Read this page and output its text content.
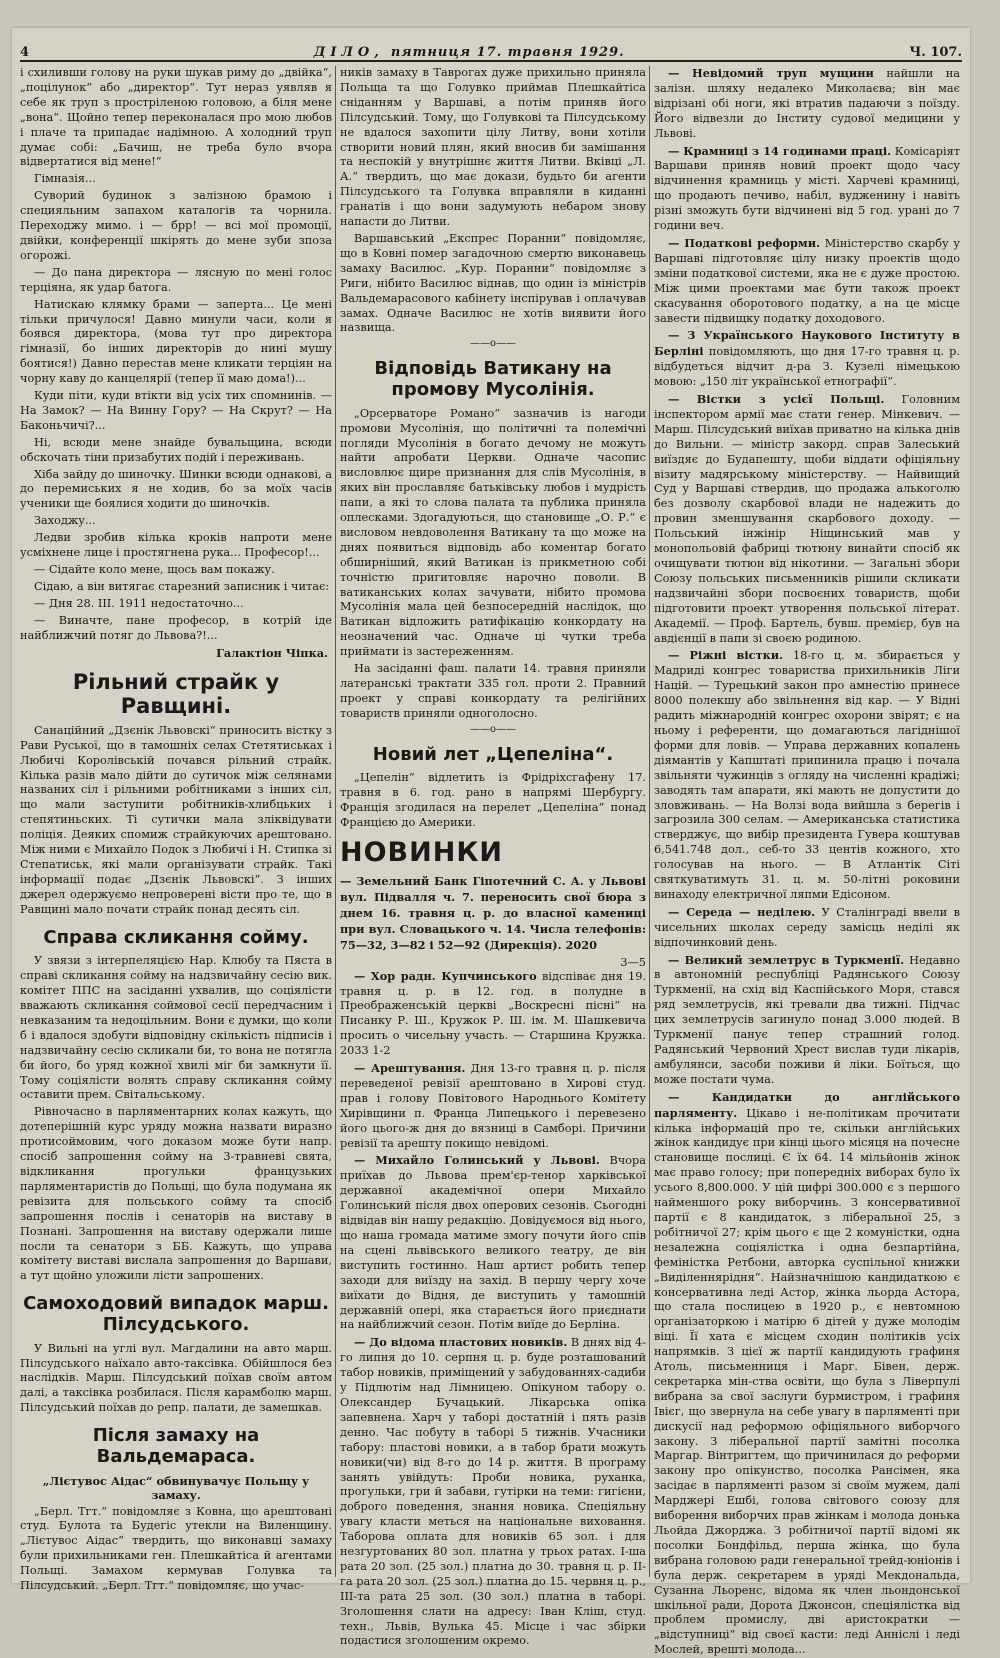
4	ДІЛО,  пятниця 17. травня 1929.	Ч. 107.

і схиливши голову на руки шукав риму до „двійка“, „поцілунок“ або „директор“. Тут нераз уявляв я себе як труп з простріленою головою, а біля мене „вона“. Щойно тепер переконалася про мою любов і плаче та припадає надімною. А холодний труп думає собі: „Бачиш, не треба було вчора відвертатися від мене!“

Гімназія...

Суворий будинок з залізною брамою і специяльним запахом каталогів та чорнила. Переходжу мимо. і — брр! — всі мої промоції, двійки, конференції шкірять до мене зуби зпоза огорожі.

— До пана директора — лясную по мені голос терціяна, як удар батога.

Натискаю клямку брами — заперта... Це мені тільки причулося! Давно минули часи, коли я боявся директора, (мова тут про директора гімназії, бо інших директорів до нині мушу боятися!) Давно перестав мене кликати терціян на чорну каву до канцелярії (тепер її маю дома!)...

Куди піти, куди втікти від усіх тих спомнинів. — На Замок? — На Винну Гору? — На Скрут? — На Баконьчичі?...

Ні, всюди мене знайде бувальщина, всюди обскочать тіни призабутих подій і переживань.

Хіба зайду до шиночку. Шинки всюди однакові, а до перемиських я не ходив, бо за моїх часів ученики ще боялися ходити до шиночків.

Заходжу...

Ледви зробив кілька кроків напроти мене усміхнене лице і простягнена рука... Професор!...

— Сідайте коло мене, щось вам покажу.

Сідаю, а він витягає старезний записник і читає:

— Дня 28. ІІІ. 1911 недостаточно...

— Виначте, пане професор, в котрій іде найближчий потяг до Львова?!...

Галактіон Чіпка.
Рільний страйк у Равщині.

Санаційний „Дзєнік Львовскі“ приносить вістку з Рави Руської, що в тамошніх селах Стетятиськах і Любичі Королівській почався рільний страйк. Кілька разів мало дійти до сутичок між селянами названих сіл і рільними робітниками з інших сіл, що мали заступити робітників-хлибцьких і степятиньских. Ті сутички мала зліквідувати поліція. Деяких спомиж страйкуючих арештовано. Між ними є Михайло Подок з Любичі і Н. Стипка зі Степатиськ, які мали організувати страйк. Такі інформації подає „Дзєнік Львовскі“. З інших джерел одержуємо непроверені вісти про те, що в Равщині мало почати страйк понад десять сіл.

Справа скликання сойму.

У звязи з інтерпеляцією Нар. Клюбу та Пяста в справі скликання сойму на надзвичайну сесію вик. комітет ППС на засіданні ухвалив, що соціялісти вважають скликання соймової сесії передчасним і невказаним та недоцільним. Вони є думки, що коли б і вдалося здобути відповідну скількість підписів і надзвичайну сесію скликали би, то вона не потягла би його, бо уряд кожної хвилі міг би замкнути її. Тому соціялісти волять справу скликання сойму оставити прем. Світальському.

Рівночасно в парляментарних колах кажуть, що дотеперішній курс уряду можна назвати виразно протисоймовим, чого доказом може бути напр. спосіб запрошення сойму на 3-травневі свята, відкликання прогульки французьких парляментаристів до Польщі, що була подумана як ревізита для польського сойму та спосіб запрошення послів і сенаторів на виставу в Познані. Запрошення на виставу одержали лише посли та сенатори з ББ. Кажуть, що управа комітету виставі вислала запрошення до Варшави, а тут щойно уложили лісти запрошених.

Самоходовий випадок марш. Пілсудського.

У Вильні на углі вул. Магдалини на авто марш. Пілсудського наїхало авто-таксівка. Обійшлося без наслідків. Марш. Пілсудський поїхав своїм автом далі, а таксівка розбилася. Після карамболю марш. Пілсудський поїхав до репр. палати, де замешкав.

Після замаху на Вальдемараса.
„Лієтувос Аідас“ обвинувачує Польщу у замаху.

„Берл. Тгт.“ повідомляє з Ковна, що арештовані студ. Булота та Будегіс утекли на Виленщину. „Лієтувос Аідас“ твердить, що виконавці замаху були прихильниками ген. Плешкайтіса й агентами Польщі. Замахом кермував Голувка та Пілсудський. „Берл. Тгт.“ повідомляє, що учас-

ників замаху в Таврогах дуже прихильно приняла Польща та що Голувко приймав Плешкайтіса сніданням у Варшаві, а потім приняв його Пілсудський. Тому, що Голувкові та Пілсудському не вдалося захопити цілу Литву, вони хотіли створити новий плян, який вносив би замішання та неспокій у внутрішнє життя Литви. Вківці „Л. А.“ твердить, що має докази, будьто би агенти Пілсудського та Голувка вправляли в киданні гранатів і що вони задумують небаром знову напасти до Литви.

Варшавський „Експрес Поранни“ повідомляє, що в Ковні помер загадочною смертю виконавець замаху Василюс. „Кур. Поранни“ повідомляє з Риги, нібито Василюс віднав, що один із міністрів Вальдемарасового кабінету інспірував і оплачував замах. Одначе Василюс не хотів виявити його назвища.

——o——
Відповідь Ватикану на промову Мусолінія.

„Орсерваторе Романо“ зазначив із нагоди промови Мусолінія, що політичні та полемічні погляди Мусолінія в богато дечому не можуть найти апробати Церкви. Одначе часопис висловлює щире признання для слів Мусолінія, в яких він прославляє батьківську любов і мудрість папи, а які то слова палата та публика приняла оплесками. Здогадуються, що становище „О. Р.“ є висловом невдоволення Ватикану та що може на днях появиться відповідь або коментар богато обширніший, який Ватикан із прикметною собі точністю пригитовляє нарочно поволи. В ватиканських колах зачувати, нібито промова Мусолінія мала цей безпосередній наслідок, що Ватикан відложить ратифікацію конкордату на неозначений час. Одначе ці чутки треба приймати із застереженням.

На засіданні фаш. палати 14. травня приняли латеранські трактати 335 гол. проти 2. Правний проект у справі конкордату та релігійних товариств приняли одноголосно.

——o——
Новий лет „Цепеліна“.

„Цепелін“ відлетить із Фрідріхсгафену 17. травня в 6. год. рано в напрямі Шербургу. Франція згодилася на перелет „Цепеліна“ понад Францією до Америки.

НОВИНКИ

— Земельний Банк Гіпотечний С. А. у Львові вул. Підвалля ч. 7. переносить свої бюра з днем 16. травня ц. р. до власної камениці при вул. Словацького ч. 14. Числа телефонів: 75—32, 3—82 і 52—92 (Дирекція). 2020

3—5

— Хор радн. Купчинського відспіває дня 19. травня ц. р. в 12. год. в полудне в Преображенській церкві „Воскресні пісні“ на Писанку Р. Ш., Кружок Р. Ш. ім. М. Шашкевича просить о чисельну участь. — Старшина Кружка. 2033 1-2

— Арештування. Дня 13-го травня ц. р. після переведеної ревізії арештовано в Хирові студ. прав і голову Повітового Народнього Комітету Хирівщини п. Франца Липецького і перевезено його цього-ж дня до вязниці в Самборі. Причини ревізії та арешту покищо невідомі.

— Михайло Голинський у Львові. Вчора приїхав до Львова прем'єр-тенор харківської державної академічної опери Михайло Голинський після двох оперових сезонів. Сьогодні відвідав він нашу редакцію. Довідуємося від нього, що наша громада матиме змогу почути його спів на сцені львівського великого театру, де він виступить гостинно. Наш артист робить тепер заходи для виїзду на захід. В першу чергу хоче виїхати до Відня, де виступить у тамошній державній опері, яка старається його приєднати на найближчий сезон. Потім виїде до Берліна.

— До відома пластових новиків. В днях від 4-го липня до 10. серпня ц. р. буде розташований табор новиків, приміщений у забудованнях-садиби у Підлютім над Лімницею. Опікуном табору о. Олександер Бучацький. Лікарська опіка запевнена. Харч у таборі достатній і пять разів денно. Час побуту в таборі 5 тижнів. Учасники табору: пластові новики, а в табор брати можуть новики(чи) від 8-го до 14 р. життя. В програму занять увійдуть: Проби новика, руханка, прогульки, гри й забави, гутірки на теми: гигієни, доброго поведення, знання новика. Спеціяльну увагу класти меться на національне виховання. Таборова оплата для новиків 65 зол. і для незгуртованих 80 зол. платна у трьох ратах. І-ша рата 20 зол. (25 зол.) платна до 30. травня ц. р. ІІ-га рата 20 зол. (25 зол.) платна до 15. червня ц. р., ІІІ-та рата 25 зол. (30 зол.) платна в таборі. Зголошення слати на адресу: Іван Кліш, студ. техн., Львів, Вулька 45. Місце і час збірки подастися зголошеним окремо.

— Невідомий труп мущини найшли на залізн. шляху недалеко Миколаєва; він має відрізані обі ноги, які втратив падаючи з поїзду. Його відвезли до Інститу судової медицини у Львові.

— Крамниці з 14 годинами праці. Комісаріят Варшави приняв новий проект щодо часу відчинення крамниць у місті. Харчеві крамниці, що продають печиво, набіл, вудженину і навіть різні зможуть бути відчинені від 5 год. урані до 7 години веч.

— Податкові реформи. Міністерство скарбу у Варшаві підготовляє цілу низку проектів щодо зміни податкової системи, яка не є дуже простою. Між цими проектами має бути також проект скасування оборотового податку, а на це місце завести підвищку податку доходового.

— З Українського Наукового Інституту в Берліні повідомляють, що дня 17-го травня ц. р. відбудеться відчит д-ра З. Кузелі німецькою мовою: „150 літ української етнографії“.

— Вістки з усієї Польщі. Головним інспектором армії має стати генер. Мінкевич. — Марш. Пілсудський виїхав приватно на кілька днів до Вильни. — міністр закорд. справ Залеський виїздяє до Будапешту, щоби віддати офіціяльну візиту мадярському міністерству. — Найвищий Суд у Варшаві ствердив, що продажа алькоголю без дозволу скарбової влади не надежить до провин зменшування скарбового доходу. — Польський інжінір Ніщинський мав у монопольовій фабриці тютюну винайти спосіб як очищувати тютюн від нікотини. — Загальні збори Союзу польських письменників рішили скликати надзвичайні збори посвоєних товариств, щоби підготовити проект утворення польської літерат. Академії. — Проф. Бартель, бувш. премієр, був на авдієнції в папи зі своєю родиною.

— Ріжні вістки. 18-го ц. м. збирається у Мадриді конгрес товариства прихильників Ліги Націй. — Турецький закон про амнестію принесе 8000 полекшу або звільнення від кар. — У Відні радить міжнародній конгрес охорони звірят; є на ньому і референти, що домагаються лагіднішої форми для ловів. — Управа державних копалень діямантів у Капштаті припинила працю і почала звільняти чужинців з огляду на численні крадіжі; заводять там апарати, які мають не допустити до зловживань. — На Волзі вода вийшла з берегів і загрозила 300 селам. — Американська статистика стверджує, що вибір президента Гувера коштував 6,541.748 дол., себ-то 33 центів кожного, хто голосував на нього. — В Атлантік Сіті святкуватимуть 31. ц. м. 50-літні роковини винаходу електричної ляпми Едісоном.

— Середа — неділею. У Сталінграді ввели в чисельних школах середу замісць неділі як відпочинковий день.

— Великий землетрус в Туркменії. Недавно в автономній республіці Радянського Союзу Туркменії, на схід від Каспійського Моря, стався ряд землетрусів, які тревали два тижні. Підчас цих землетрусів загинуло понад 3.000 людей. В Туркменії панує тепер страшний голод. Радянський Червоний Хрест вислав туди лікарів, амбулянси, засоби поживи й ліки. Боїться, що може постати чума.

— Кандидатки до англійського парляменту. Цікаво і не-політикам прочитати кілька інформацій про те, скільки англійських жінок кандидує при кінці цього місяця на почесне становище послиці. Є їх 64. 14 мільйонів жінок має право голосу; при попередніх виборах було їх усього 8,800.000. У цій цифрі 300.000 є з першого найменшого року виборчинь. З консервативної партії є 8 кандидаток, з ліберальної 25, з робітничої 27; крім цього є ще 2 комуністки, одна незалежна соціялістка і одна безпартійна, феміністка Ретбони, авторка суспільної книжки „Виділеннярідня“. Найзначнішою кандидаткою є консервативна леді Астор, жінка льорда Астора, що стала послицею в 1920 р., є невтомною організаторкою і матірю 6 дітей у дуже молодім віці. Її хата є місцем сходин політиків усіх напрямків. З цієї ж партії кандидують графиня Атоль, письменниця і Марг. Бівен, держ. секретарка мін-ства освіти, що була з Ліверпулі вибрана за свої заслуги бурмистром, і графиня Івієг, що звернула на себе увагу в парляменті при дискусії над реформою офіціяльного виборчого закону. З ліберальної партії замітні посолка Маргар. Вінтригтем, що причинилася до реформи закону про опікунство, посолка Рансімен, яка засідає в парляменті разом зі своїм мужем, далі Марджері Ешбі, голова світового союзу для виборення виборчих прав жінкам і молода донька Льойда Джорджа. З робітничої партії відомі як посолки Бондфільд, перша жінка, що була вибрана головою ради генеральної трейд-юніонів і була держ. секретарем в уряді Мекдональда, Сузанна Льоренс, відома як член льондонської шкільної ради, Дорота Джонсон, спеціялістка від проблем промислу, дві аристократки — „відступниці“ від своєї касти: леді Анніслі і леді Мослей, врешті молода...
